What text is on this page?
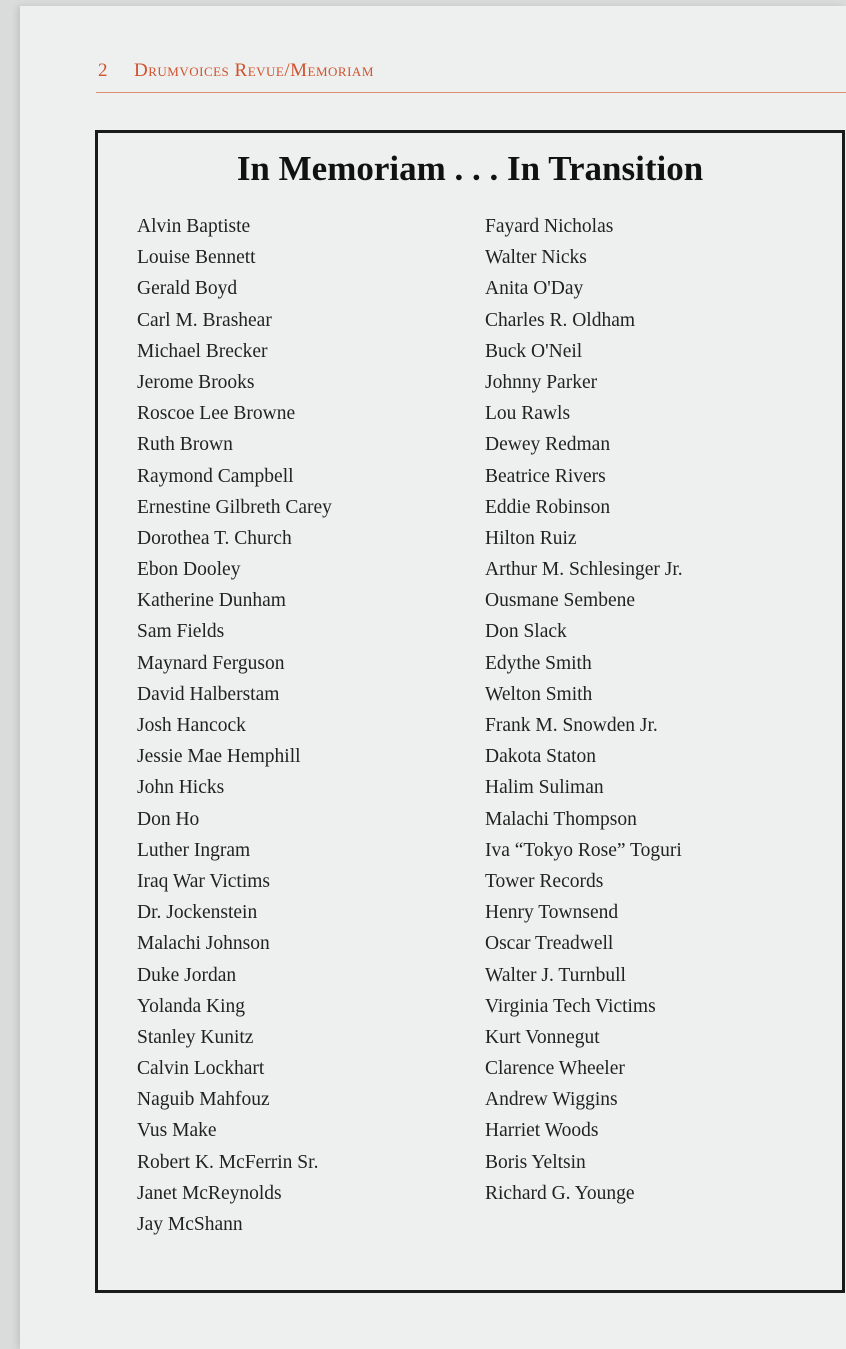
2 Drumvoices Revue/Memoriam
In Memoriam . . . In Transition
Alvin Baptiste
Louise Bennett
Gerald Boyd
Carl M. Brashear
Michael Brecker
Jerome Brooks
Roscoe Lee Browne
Ruth Brown
Raymond Campbell
Ernestine Gilbreth Carey
Dorothea T. Church
Ebon Dooley
Katherine Dunham
Sam Fields
Maynard Ferguson
David Halberstam
Josh Hancock
Jessie Mae Hemphill
John Hicks
Don Ho
Luther Ingram
Iraq War Victims
Dr. Jockenstein
Malachi Johnson
Duke Jordan
Yolanda King
Stanley Kunitz
Calvin Lockhart
Naguib Mahfouz
Vus Make
Robert K. McFerrin Sr.
Janet McReynolds
Jay McShann
Fayard Nicholas
Walter Nicks
Anita O'Day
Charles R. Oldham
Buck O'Neil
Johnny Parker
Lou Rawls
Dewey Redman
Beatrice Rivers
Eddie Robinson
Hilton Ruiz
Arthur M. Schlesinger Jr.
Ousmane Sembene
Don Slack
Edythe Smith
Welton Smith
Frank M. Snowden Jr.
Dakota Staton
Halim Suliman
Malachi Thompson
Iva “Tokyo Rose” Toguri
Tower Records
Henry Townsend
Oscar Treadwell
Walter J. Turnbull
Virginia Tech Victims
Kurt Vonnegut
Clarence Wheeler
Andrew Wiggins
Harriet Woods
Boris Yeltsin
Richard G. Younge
